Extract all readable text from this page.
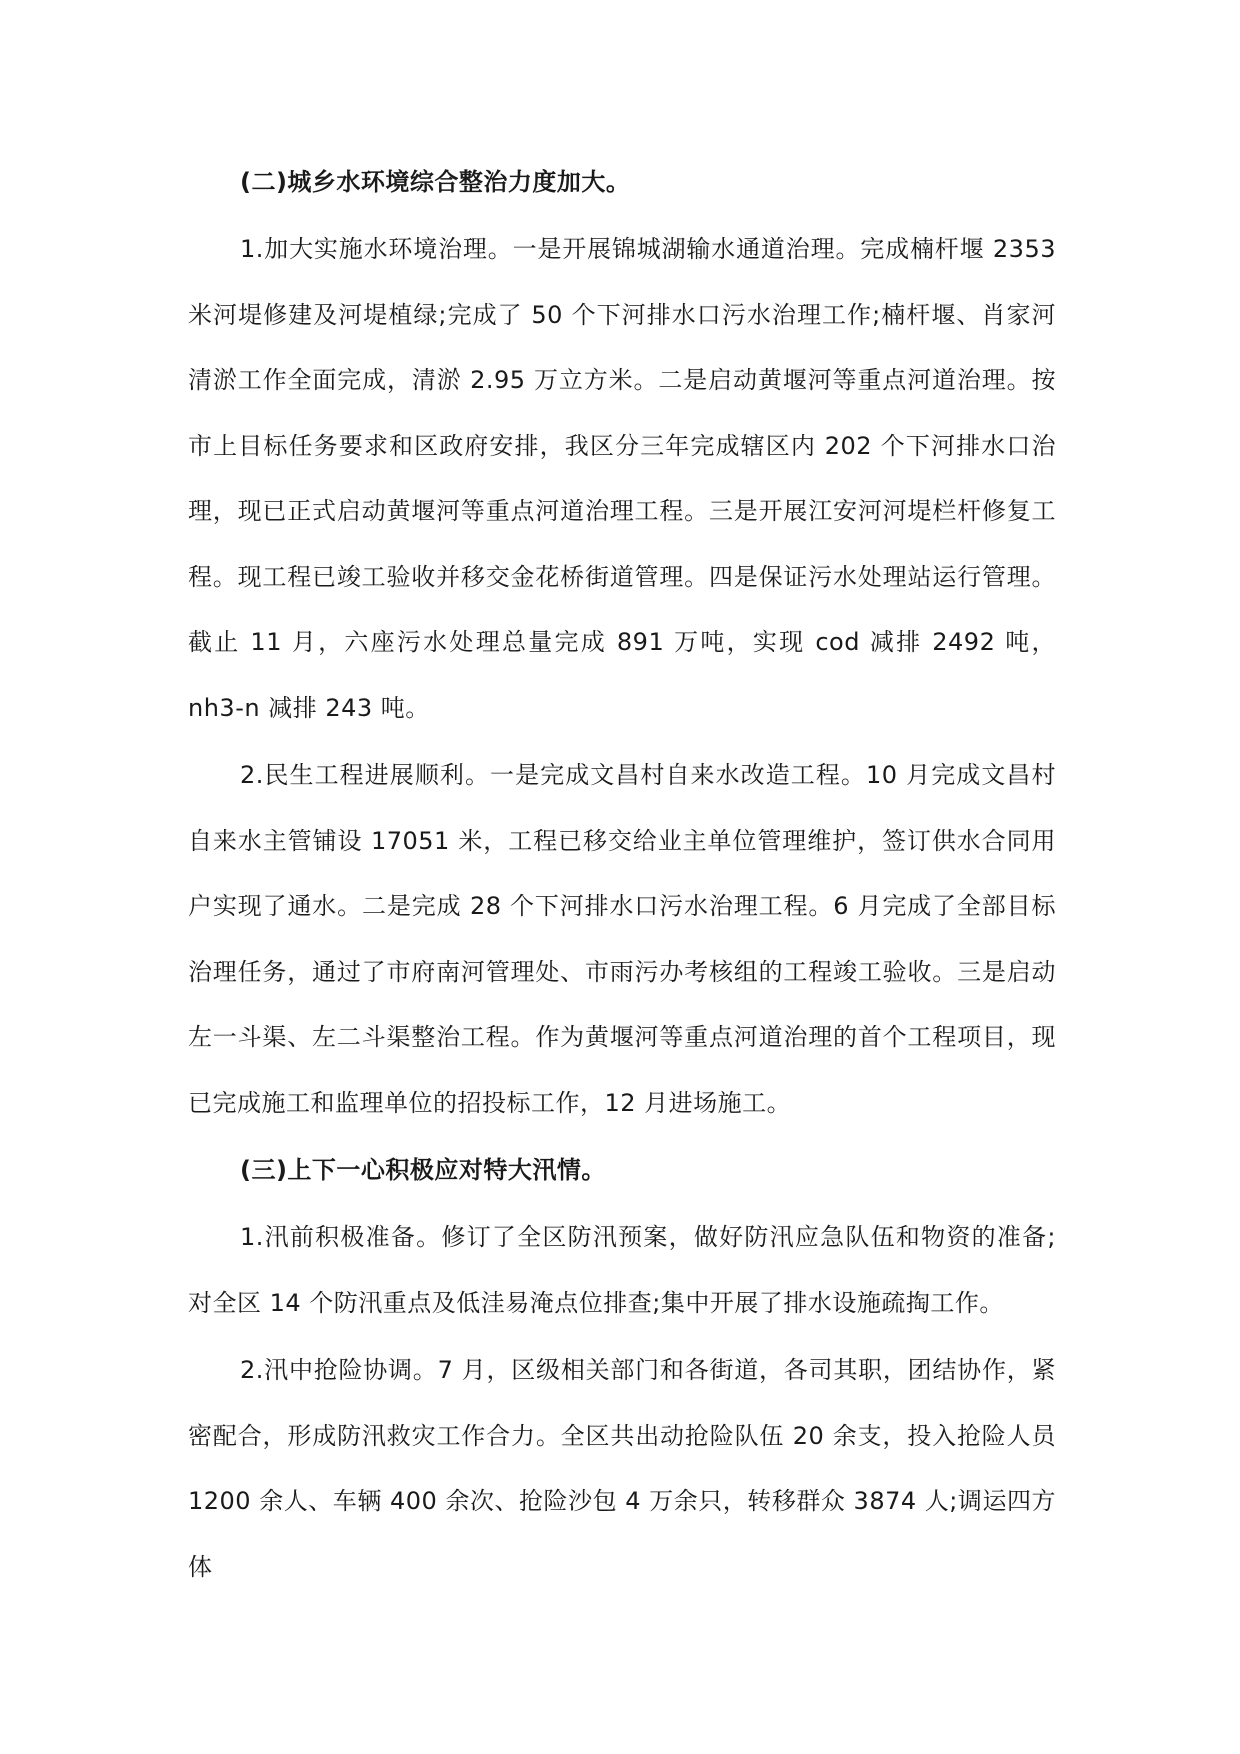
(二)城乡水环境综合整治力度加大。

1.加大实施水环境治理。一是开展锦城湖输水通道治理。完成楠杆堰 2353 米河堤修建及河堤植绿;完成了 50 个下河排水口污水治理工作;楠杆堰、肖家河清淤工作全面完成，清淤 2.95 万立方米。二是启动黄堰河等重点河道治理。按市上目标任务要求和区政府安排，我区分三年完成辖区内 202 个下河排水口治理，现已正式启动黄堰河等重点河道治理工程。三是开展江安河河堤栏杆修复工程。现工程已竣工验收并移交金花桥街道管理。四是保证污水处理站运行管理。截止 11 月，六座污水处理总量完成 891 万吨，实现 cod 减排 2492 吨， nh3-n 减排 243 吨。

2.民生工程进展顺利。一是完成文昌村自来水改造工程。10 月完成文昌村自来水主管铺设 17051 米，工程已移交给业主单位管理维护，签订供水合同用户实现了通水。二是完成 28 个下河排水口污水治理工程。6 月完成了全部目标治理任务，通过了市府南河管理处、市雨污办考核组的工程竣工验收。三是启动左一斗渠、左二斗渠整治工程。作为黄堰河等重点河道治理的首个工程项目，现已完成施工和监理单位的招投标工作，12 月进场施工。

(三)上下一心积极应对特大汛情。

1.汛前积极准备。修订了全区防汛预案，做好防汛应急队伍和物资的准备;对全区 14 个防汛重点及低洼易淹点位排查;集中开展了排水设施疏掏工作。

2.汛中抢险协调。7 月，区级相关部门和各街道，各司其职，团结协作，紧密配合，形成防汛救灾工作合力。全区共出动抢险队伍 20 余支，投入抢险人员 1200 余人、车辆 400 余次、抢险沙包 4 万余只，转移群众 3874 人;调运四方体
